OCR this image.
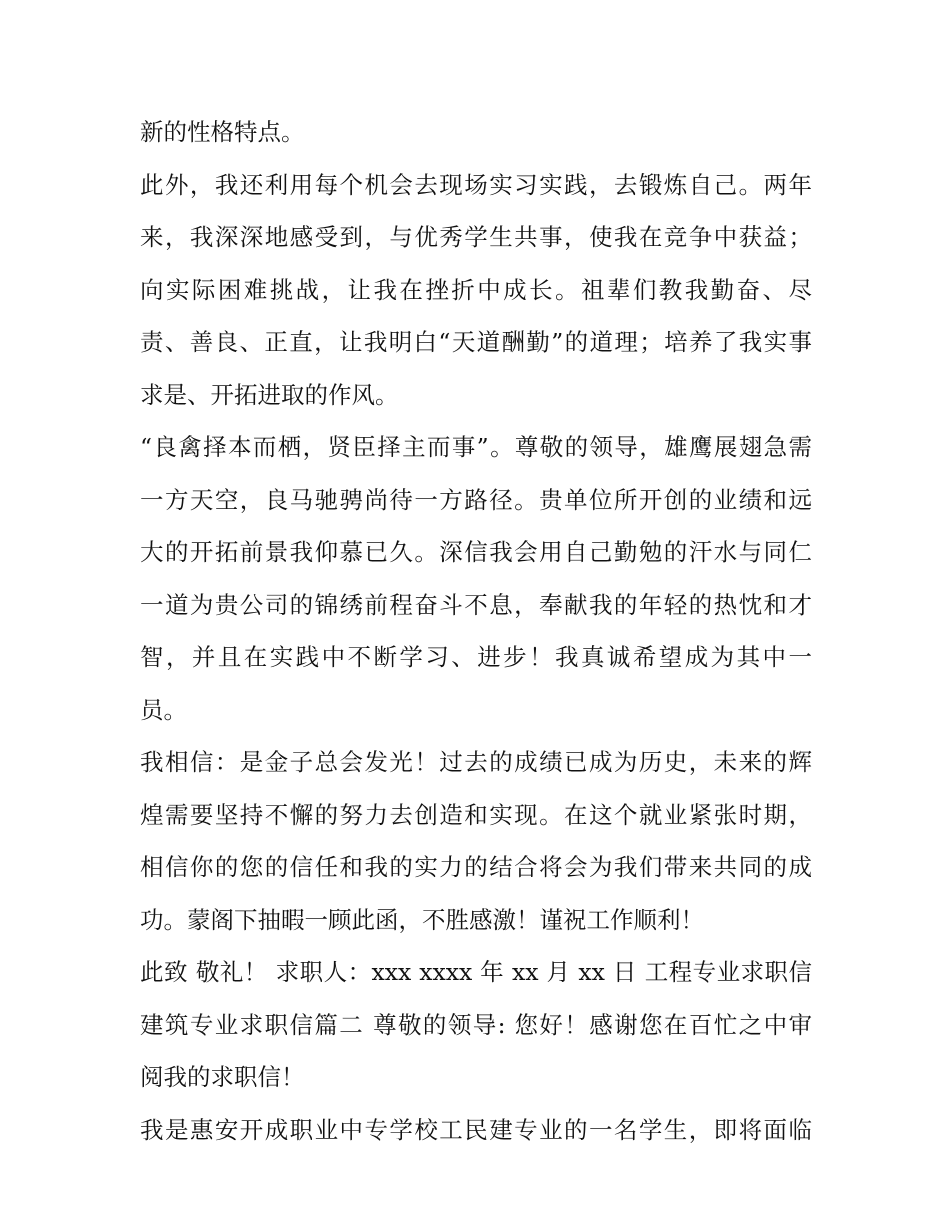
新的性格特点。
此外，我还利用每个机会去现场实习实践，去锻炼自己。两年
来，我深深地感受到，与优秀学生共事，使我在竞争中获益；
向实际困难挑战，让我在挫折中成长。祖辈们教我勤奋、尽
责、善良、正直，让我明白“天道酬勤”的道理；培养了我实事
求是、开拓进取的作风。
“良禽择本而栖，贤臣择主而事”。尊敬的领导，雄鹰展翅急需
一方天空，良马驰骋尚待一方路径。贵单位所开创的业绩和远
大的开拓前景我仰慕已久。深信我会用自己勤勉的汗水与同仁
一道为贵公司的锦绣前程奋斗不息，奉献我的年轻的热忱和才
智，并且在实践中不断学习、进步！我真诚希望成为其中一
员。
我相信：是金子总会发光！过去的成绩已成为历史，未来的辉
煌需要坚持不懈的努力去创造和实现。在这个就业紧张时期，
相信你的您的信任和我的实力的结合将会为我们带来共同的成
功。蒙阁下抽暇一顾此函，不胜感激！谨祝工作顺利！
此致 敬礼！ 求职人：xxx xxxx 年 xx 月 xx 日 工程专业求职信
建筑专业求职信篇二 尊敬的领导: 您好！感谢您在百忙之中审
阅我的求职信！
我是惠安开成职业中专学校工民建专业的一名学生，即将面临
